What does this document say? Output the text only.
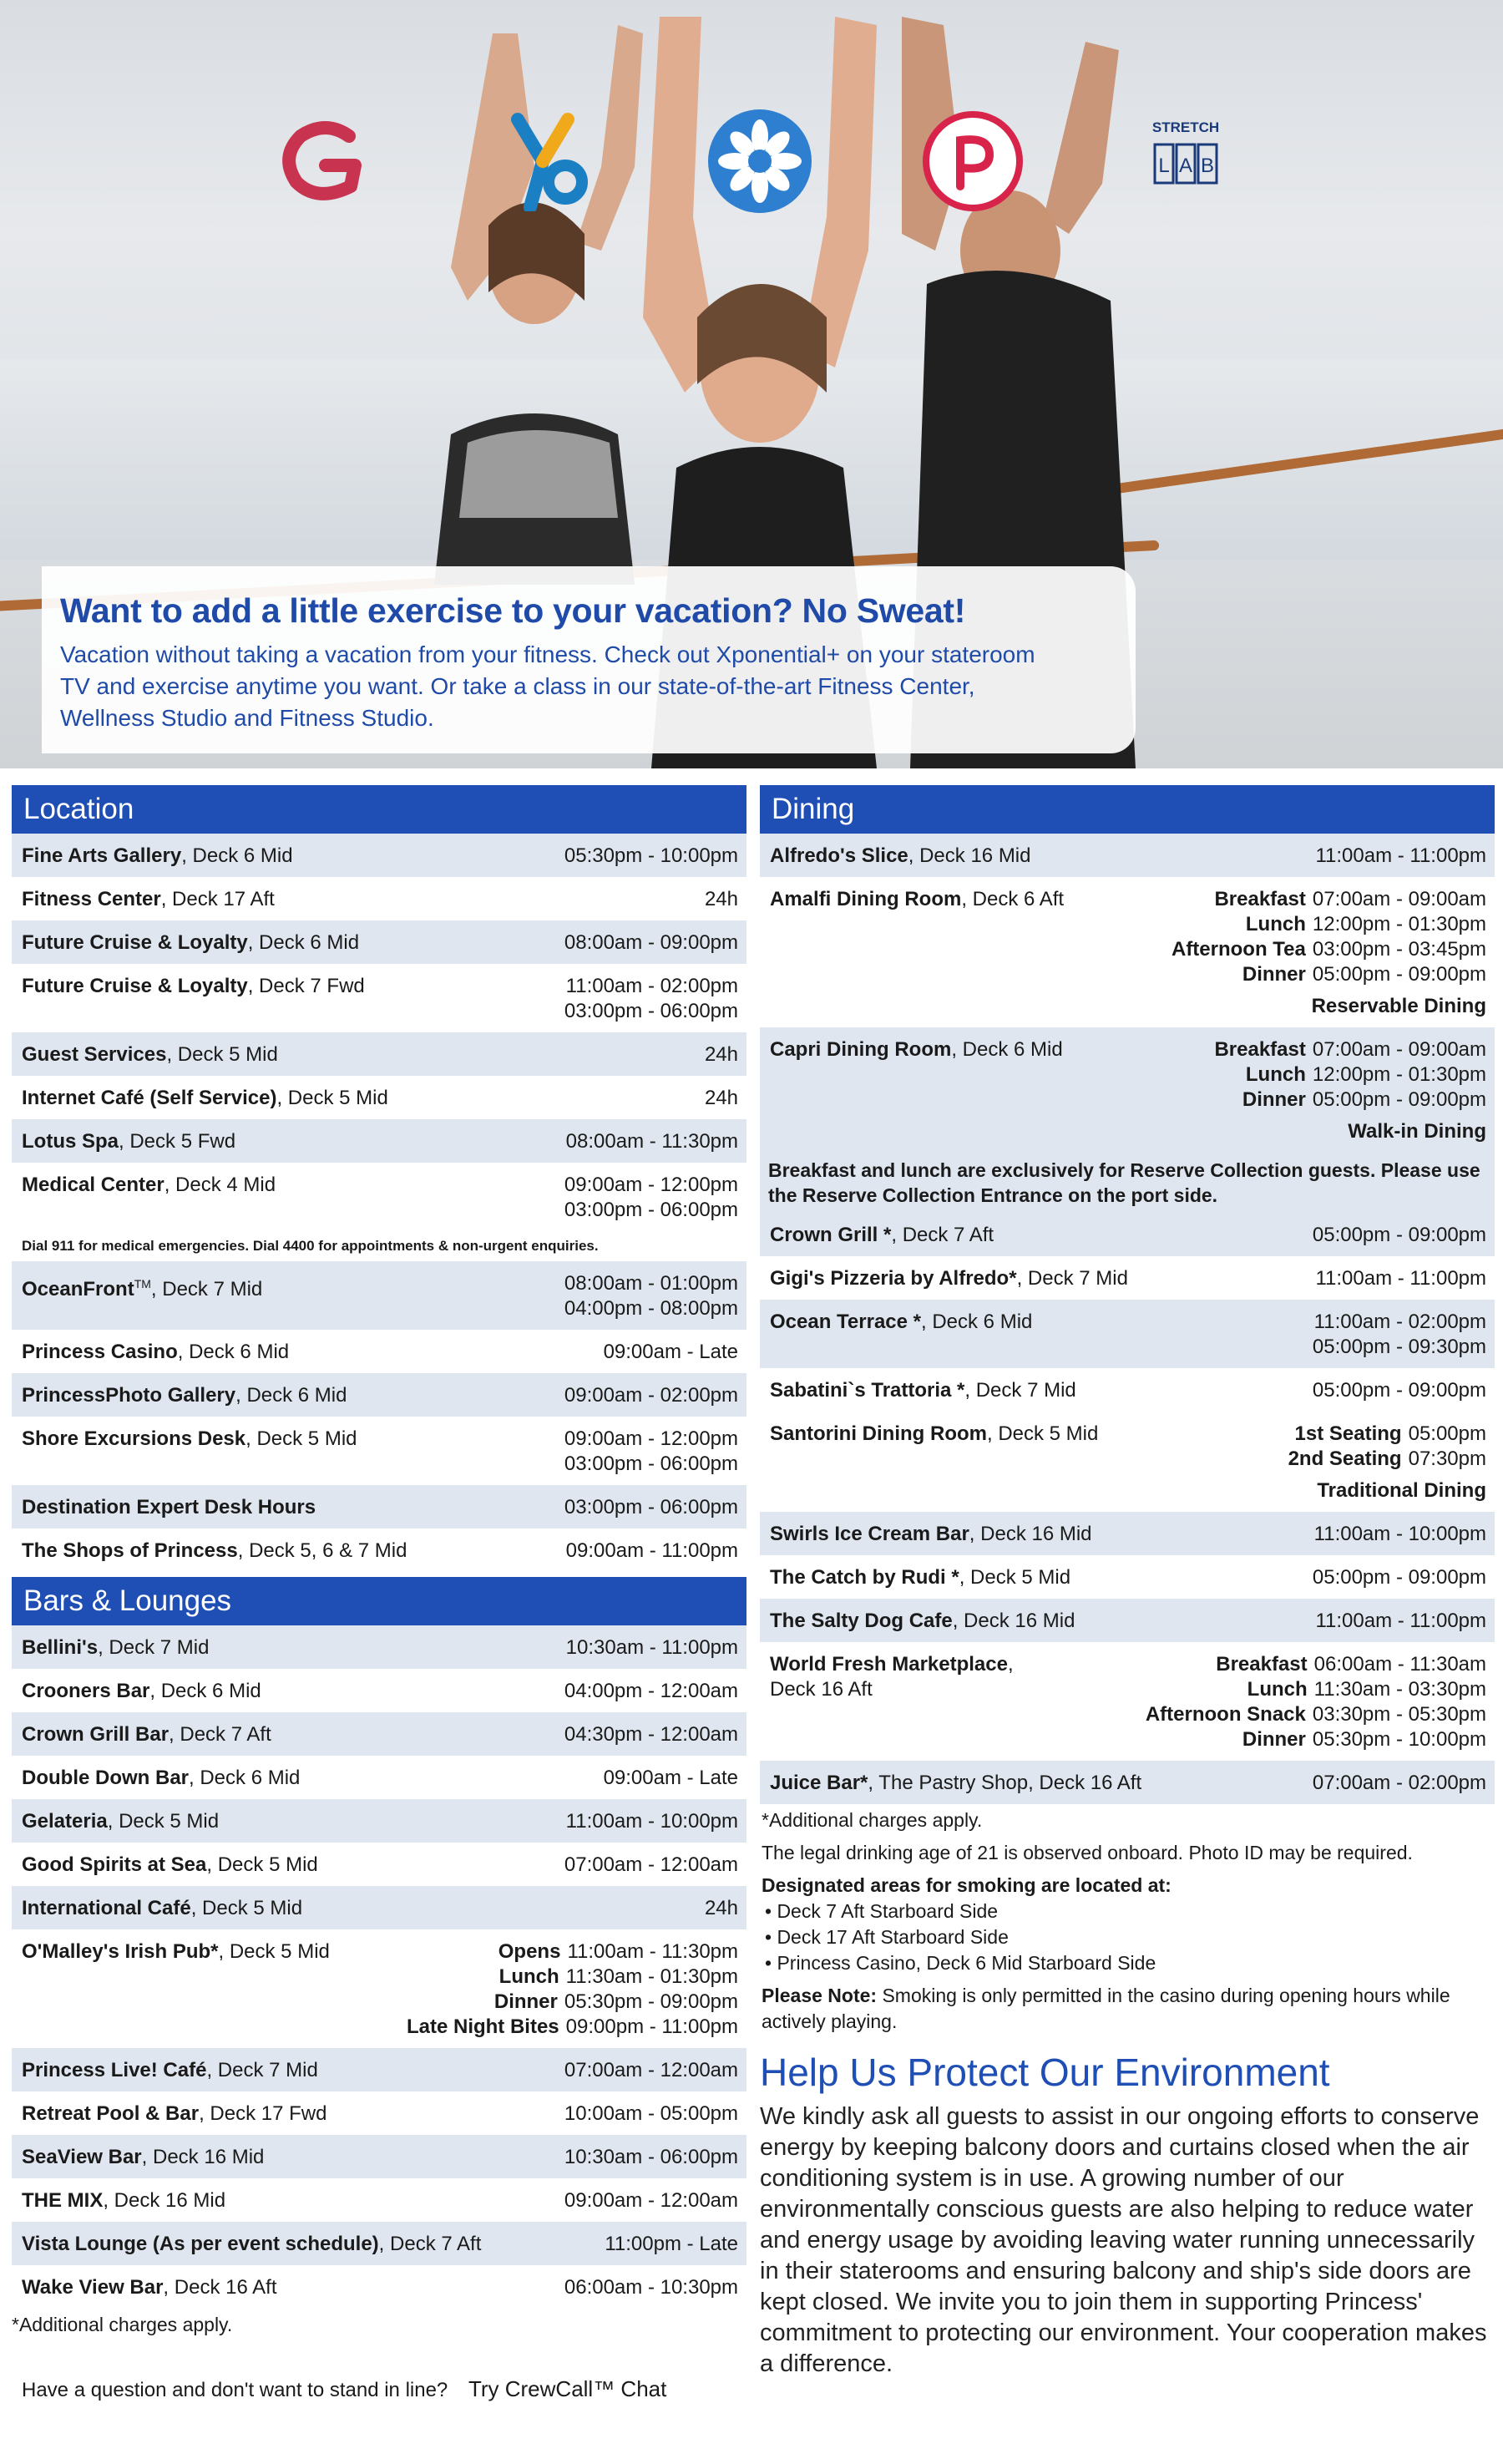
STRETCH
L A B
Want to add a little exercise to your vacation? No Sweat!
Vacation without taking a vacation from your fitness. Check out Xponential+ on your stateroom TV and exercise anytime you want. Or take a class in our state-of-the-art Fitness Center, Wellness Studio and Fitness Studio.
Location
Fine Arts Gallery, Deck 6 Mid	05:30pm - 10:00pm
Fitness Center, Deck 17 Aft	24h
Future Cruise & Loyalty, Deck 6 Mid	08:00am - 09:00pm
Future Cruise & Loyalty, Deck 7 Fwd	11:00am - 02:00pm
03:00pm - 06:00pm
Guest Services, Deck 5 Mid	24h
Internet Café (Self Service), Deck 5 Mid	24h
Lotus Spa, Deck 5 Fwd	08:00am - 11:30pm
Medical Center, Deck 4 Mid	09:00am - 12:00pm
03:00pm - 06:00pm
Dial 911 for medical emergencies. Dial 4400 for appointments & non-urgent enquiries.
OceanFront™, Deck 7 Mid	08:00am - 01:00pm
04:00pm - 08:00pm
Princess Casino, Deck 6 Mid	09:00am - Late
PrincessPhoto Gallery, Deck 6 Mid	09:00am - 02:00pm
Shore Excursions Desk, Deck 5 Mid	09:00am - 12:00pm
03:00pm - 06:00pm
Destination Expert Desk Hours	03:00pm - 06:00pm
The Shops of Princess, Deck 5, 6 & 7 Mid	09:00am - 11:00pm
Bars & Lounges
Bellini's, Deck 7 Mid	10:30am - 11:00pm
Crooners Bar, Deck 6 Mid	04:00pm - 12:00am
Crown Grill Bar, Deck 7 Aft	04:30pm - 12:00am
Double Down Bar, Deck 6 Mid	09:00am - Late
Gelateria, Deck 5 Mid	11:00am - 10:00pm
Good Spirits at Sea, Deck 5 Mid	07:00am - 12:00am
International Café, Deck 5 Mid	24h
O'Malley's Irish Pub*, Deck 5 Mid	Opens 11:00am - 11:30pm
Lunch 11:30am - 01:30pm
Dinner 05:30pm - 09:00pm
Late Night Bites 09:00pm - 11:00pm
Princess Live! Café, Deck 7 Mid	07:00am - 12:00am
Retreat Pool & Bar, Deck 17 Fwd	10:00am - 05:00pm
SeaView Bar, Deck 16 Mid	10:30am - 06:00pm
THE MIX, Deck 16 Mid	09:00am - 12:00am
Vista Lounge (As per event schedule), Deck 7 Aft	11:00pm - Late
Wake View Bar, Deck 16 Aft	06:00am - 10:30pm
*Additional charges apply.
Have a question and don't want to stand in line? Try CrewCall™ Chat
Dining
Alfredo's Slice, Deck 16 Mid	11:00am - 11:00pm
Amalfi Dining Room, Deck 6 Aft	Breakfast 07:00am - 09:00am
Lunch 12:00pm - 01:30pm
Afternoon Tea 03:00pm - 03:45pm
Dinner 05:00pm - 09:00pm
Reservable Dining
Capri Dining Room, Deck 6 Mid	Breakfast 07:00am - 09:00am
Lunch 12:00pm - 01:30pm
Dinner 05:00pm - 09:00pm
Walk-in Dining
Breakfast and lunch are exclusively for Reserve Collection guests. Please use the Reserve Collection Entrance on the port side.
Crown Grill *, Deck 7 Aft	05:00pm - 09:00pm
Gigi's Pizzeria by Alfredo*, Deck 7 Mid	11:00am - 11:00pm
Ocean Terrace *, Deck 6 Mid	11:00am - 02:00pm
05:00pm - 09:30pm
Sabatini`s Trattoria *, Deck 7 Mid	05:00pm - 09:00pm
Santorini Dining Room, Deck 5 Mid	1st Seating 05:00pm
2nd Seating 07:30pm
Traditional Dining
Swirls Ice Cream Bar, Deck 16 Mid	11:00am - 10:00pm
The Catch by Rudi *, Deck 5 Mid	05:00pm - 09:00pm
The Salty Dog Cafe, Deck 16 Mid	11:00am - 11:00pm
World Fresh Marketplace, Deck 16 Aft
Breakfast 06:00am - 11:30am
Lunch 11:30am - 03:30pm
Afternoon Snack 03:30pm - 05:30pm
Dinner 05:30pm - 10:00pm
Juice Bar*, The Pastry Shop, Deck 16 Aft	07:00am - 02:00pm
*Additional charges apply.
The legal drinking age of 21 is observed onboard. Photo ID may be required.
Designated areas for smoking are located at:
• Deck 7 Aft Starboard Side
• Deck 17 Aft Starboard Side
• Princess Casino, Deck 6 Mid Starboard Side
Please Note: Smoking is only permitted in the casino during opening hours while actively playing.
Help Us Protect Our Environment
We kindly ask all guests to assist in our ongoing efforts to conserve energy by keeping balcony doors and curtains closed when the air conditioning system is in use. A growing number of our environmentally conscious guests are also helping to reduce water and energy usage by avoiding leaving water running unnecessarily in their staterooms and ensuring balcony and ship's side doors are kept closed. We invite you to join them in supporting Princess' commitment to protecting our environment. Your cooperation makes a difference.
